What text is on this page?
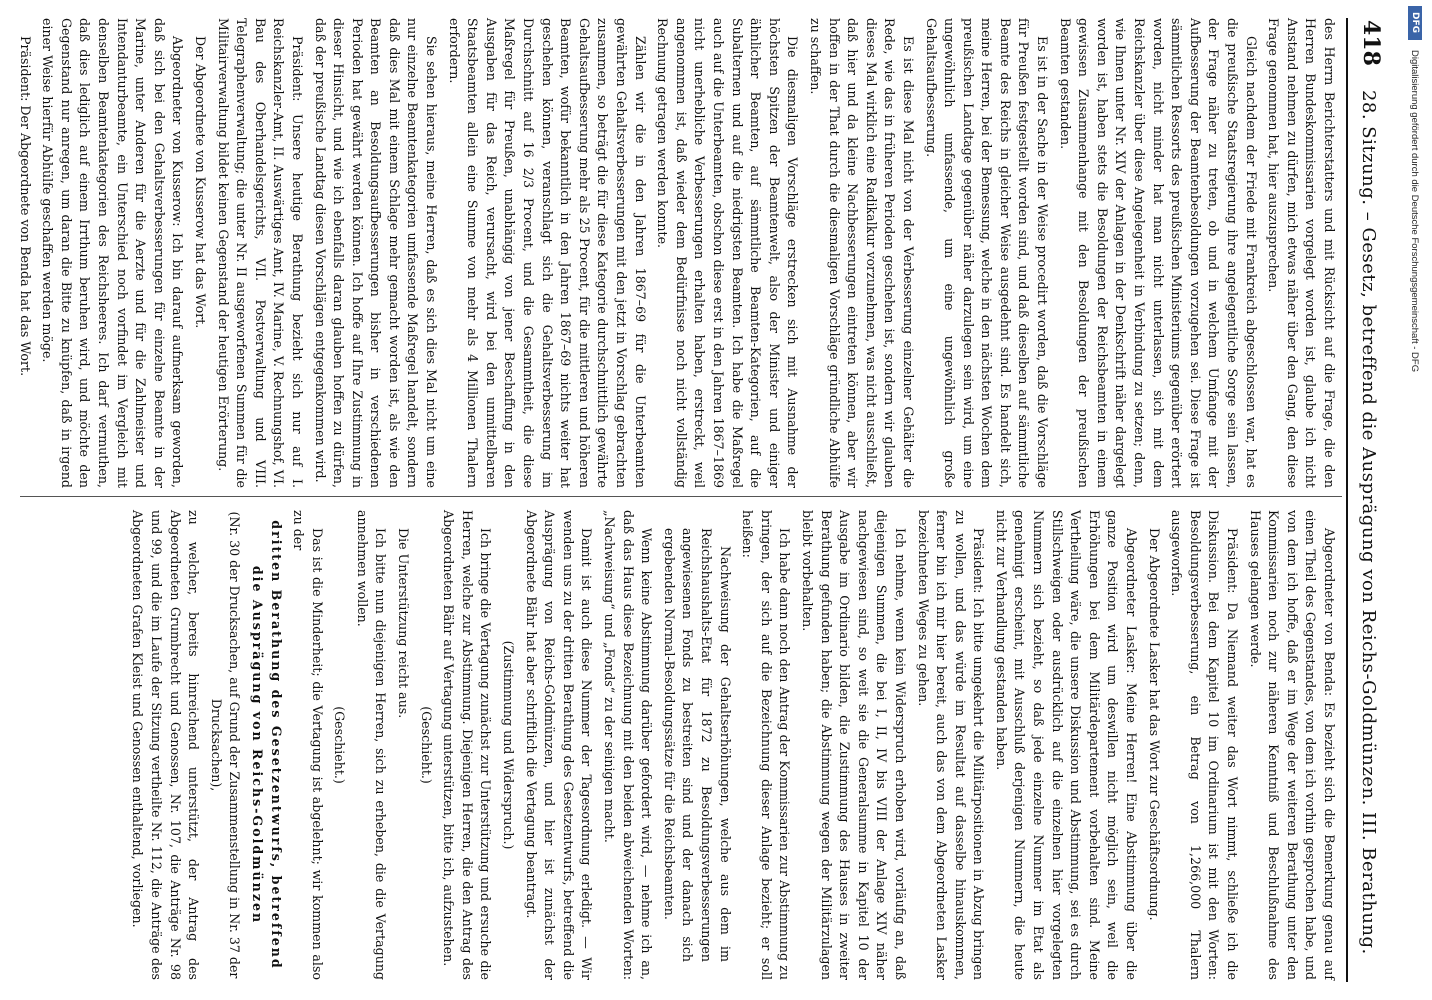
418
28. Sitzung. – Gesetz, betreffend die Ausprägung von Reichs-Goldmünzen. III. Berathung.

des Herrn Berichterstatters und mit Rücksicht auf die Frage, die den Herren Bundeskommissarien vorgelegt worden ist, glaube ich nicht Anstand nehmen zu dürfen, mich etwas näher über den Gang, den diese Frage genommen hat, hier auszusprechen.

Gleich nachdem der Friede mit Frankreich abgeschlossen war, hat es die preußische Staatsregierung ihre angelegentliche Sorge sein lassen, der Frage näher zu treten, ob und in welchem Umfange mit der Aufbesserung der Beamtenbesoldungen vorzugehen sei. Diese Frage ist sämmtlichen Ressorts des preußischen Ministeriums gegenüber erörtert worden, nicht minder hat man nicht unterlassen, sich mit dem Reichskanzler über diese Angelegenheit in Verbindung zu setzen; denn, wie Ihnen unter Nr. XIV der Anlagen in der Denkschrift näher dargelegt worden ist, haben stets die Besoldungen der Reichsbeamten in einem gewissen Zusammenhange mit den Besoldungen der preußischen Beamten gestanden.

Es ist in der Sache in der Weise procedirt worden, daß die Vorschläge für Preußen festgestellt worden sind, und daß dieselben auf sämmtliche Beamte des Reichs in gleicher Weise ausgedehnt sind. Es handelt sich, meine Herren, bei der Bemessung, welche in den nächsten Wochen dem preußischen Landtage gegenüber näher darzulegen sein wird, um eine ungewöhnlich umfassende, um eine ungewöhnlich große Gehaltsaufbesserung.

Es ist diese Mal nicht von der Verbesserung einzelner Gehälter die Rede, wie das in früheren Perioden geschehen ist, sondern wir glauben dieses Mal wirklich eine Radikalkur vorzunehmen, was nicht ausschließt, daß hier und da kleine Nachbesserungen eintreten können, aber wir hoffen in der That durch die diesmaligen Vorschläge gründliche Abhülfe zu schaffen.

Die diesmaligen Vorschläge erstrecken sich mit Ausnahme der höchsten Spitzen der Beamtenwelt, also der Minister und einiger ähnlicher Beamten, auf sämmtliche Beamten-Kategorien, auf die Subalternen und auf die niedrigsten Beamten. Ich habe die Maßregel auch auf die Unterbeamten, obschon diese erst in den Jahren 1867–1869 nicht unerhebliche Verbesserungen erhalten haben, erstreckt, weil angenommen ist, daß wieder dem Bedürfnisse noch nicht vollständig Rechnung getragen werden konnte.

Zählen wir die in den Jahren 1867–69 für die Unterbeamten gewährten Gehaltsverbesserungen mit den jetzt in Vorschlag gebrachten zusammen, so beträgt die für diese Kategorie durchschnittlich gewährte Gehaltsaufbesserung mehr als 25 Procent, für die mittleren und höheren Beamten, wofür bekanntlich in den Jahren 1867–69 nichts weiter hat geschehen können, veranschlagt sich die Gehaltsverbesserung im Durchschnitt auf 16 2/3 Procent, und die Gesammtheit, die diese Maßregel für Preußen, unabhängig von jener Beschaffung in den Ausgaben für das Reich, verursacht, wird bei den unmittelbaren Staatsbeamten allein eine Summe von mehr als 4 Millionen Thalern erfordern.

Sie sehen hieraus, meine Herren, daß es sich dies Mal nicht um eine nur einzelne Beamtenkategorien umfassende Maßregel handelt, sondern daß dies Mal mit einem Schlage mehr gemacht worden ist, als wie den Beamten an Besoldungsaufbesserungen bisher in verschiedenen Perioden hat gewährt werden können. Ich hoffe auf Ihre Zustimmung in dieser Hinsicht, und wie ich ebenfalls daran glauben hoffen zu dürfen, daß der preußische Landtag diesen Vorschlägen entgegenkommen wird.

Präsident: Unsere heutige Berathung bezieht sich nur auf I. Reichskanzler-Amt, II. Auswärtiges Amt, IV. Marine, V. Rechnungshof, VI. Bau des Oberhandelsgerichts, VII. Postverwaltung und VIII. Telegraphenverwaltung; die unter Nr. II ausgeworfenen Summen für die Militairverwaltung bildet keinen Gegenstand der heutigen Erörterung.

Der Abgeordnete von Kusserow hat das Wort.

Abgeordneter von Kusserow: Ich bin darauf aufmerksam geworden, daß sich bei den Gehaltsverbesserungen für einzelne Beamte in der Marine, unter Anderen für die Aerzte und für die Zahlmeister und Intendanturbeamte, ein Unterschied noch vorfindet im Vergleich mit denselben Beamtenkategorien des Reichsheeres. Ich darf vermuthen, daß dies lediglich auf einem Irrthum beruhen wird, und möchte den Gegenstand nur anregen, um daran die Bitte zu knüpfen, daß in irgend einer Weise hierfür Abhülfe geschaffen werden möge.

Präsident: Der Abgeordnete von Benda hat das Wort.

Abgeordneter von Benda: Es bezieht sich die Bemerkung genau auf einen Theil des Gegenstandes, von dem ich vorhin gesprochen habe, und von dem ich hoffe, daß er im Wege der weiteren Berathung unter den Kommissarien noch zur näheren Kenntniß und Beschlußnahme des Hauses gelangen werde.

Präsident: Da Niemand weiter das Wort nimmt, schließe ich die Diskussion. Bei dem Kapitel 10 im Ordinarium ist mit den Worten: Besoldungsverbesserung, ein Betrag von 1,266,000 Thalern ausgeworfen.

Der Abgeordnete Lasker hat das Wort zur Geschäftsordnung.

Abgeordneter Lasker: Meine Herren! Eine Abstimmung über die ganze Position wird um deswillen nicht möglich sein, weil die Erhöhungen bei dem Militärdepartement vorbehalten sind. Meine Vertheilung wäre, die unsere Diskussion und Abstimmung, sei es durch Stillschweigen oder ausdrücklich auf die einzelnen hier vorgelegten Nummern sich bezieht, so daß jede einzelne Nummer im Etat als genehmigt erscheint, mit Ausschluß derjenigen Nummern, die heute nicht zur Verhandlung gestanden haben.

Präsident: Ich bitte umgekehrt die Militärpositionen in Abzug bringen zu wollen, und das würde im Resultat auf dasselbe hinauskommen, ferner bin ich mir hier bereit, auch das von dem Abgeordneten Lasker bezeichneten Weges zu gehen.

Ich nehme, wenn kein Widerspruch erhoben wird, vorläufig an, daß diejenigen Summen, die bei I, II, IV bis VIII der Anlage XIV näher nachgewiesen sind, so weit sie die Generalsumme in Kapitel 10 der Ausgabe im Ordinario bilden, die Zustimmung des Hauses in zweiter Berathung gefunden haben; die Abstimmung wegen der Militärzulagen bleibt vorbehalten.

Ich habe dann noch den Antrag der Kommissarien zur Abstimmung zu bringen, der sich auf die Bezeichnung dieser Anlage bezieht; er soll heißen:

Nachweisung der Gehaltserhöhungen, welche aus dem im Reichshaushalts-Etat für 1872 zu Besoldungsverbesserungen angewiesenen Fonds zu bestreiten sind und der danach sich ergebenden Normal-Besoldungssätze für die Reichsbeamten.

Wenn keine Abstimmung darüber gefordert wird, — nehme ich an, daß das Haus diese Bezeichnung mit den beiden abweichenden Worten: „Nachweisung“ und „Fonds“ zu der seinigen macht.

Damit ist auch diese Nummer der Tagesordnung erledigt. — Wir wenden uns zu der dritten Berathung des Gesetzentwurfs, betreffend die Ausprägung von Reichs-Goldmünzen, und hier ist zunächst der Abgeordnete Bähr hat aber schriftlich die Vertagung beantragt.

(Zustimmung und Widerspruch.)

Ich bringe die Vertagung zunächst zur Unterstützung und ersuche die Herren, welche zur Abstimmung. Diejenigen Herren, die den Antrag des Abgeordneten Bähr auf Vertagung unterstützen, bitte ich, aufzustehen.

(Geschieht.)

Die Unterstützung reicht aus.

Ich bitte nun diejenigen Herren, sich zu erheben, die die Vertagung annehmen wollen.

(Geschieht.)

Das ist die Minderheit; die Vertagung ist abgelehnt; wir kommen also zu der

dritten Berathung des Gesetzentwurfs, betreffend die Ausprägung von Reichs-Goldmünzen

(Nr. 30 der Drucksachen, auf Grund der Zusammenstellung in Nr. 37 der Drucksachen),

zu welcher, bereits hinreichend unterstützt, der Antrag des Abgeordneten Grumbrecht und Genossen, Nr. 107, die Anträge Nr. 98 und 99, und die im Laufe der Sitzung vertheilte Nr. 112, die Anträge des Abgeordneten Grafen Kleist und Genossen enthaltend, vorliegen.

DFG
Digitalisierung gefördert durch die Deutsche Forschungsgemeinschaft - DFG
